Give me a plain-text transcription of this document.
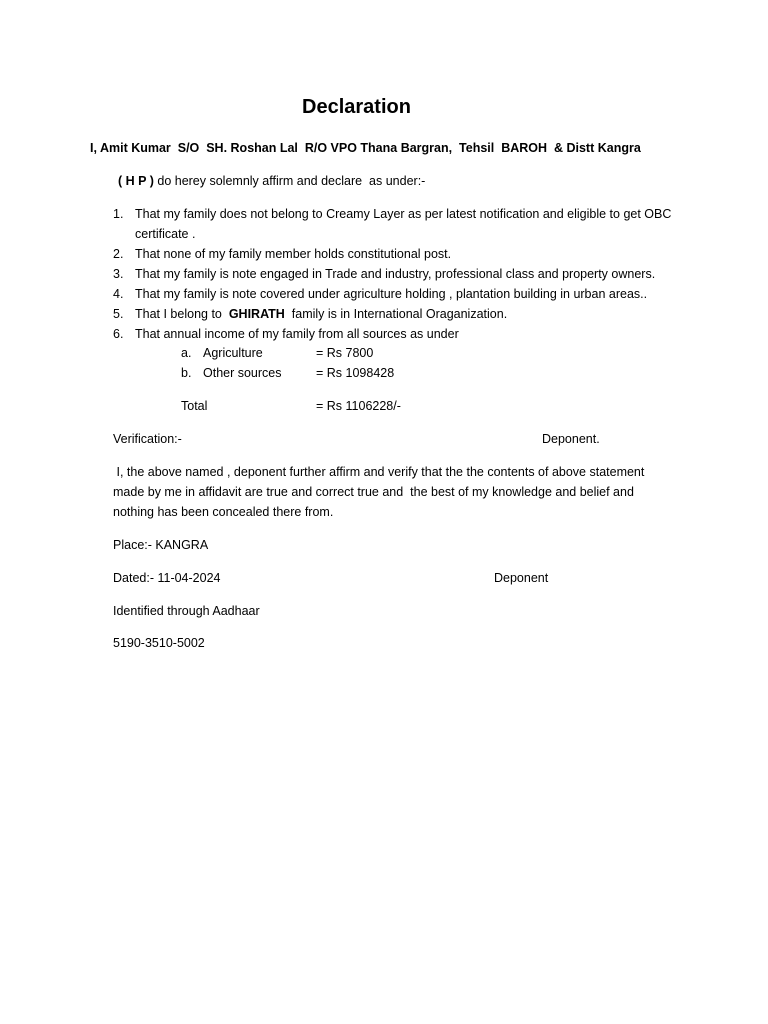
Declaration
I, Amit Kumar  S/O  SH. Roshan Lal  R/O VPO Thana Bargran,  Tehsil  BAROH  & Distt Kangra
( H P ) do herey solemnly affirm and declare  as under:-
1. That my family does not belong to Creamy Layer as per latest notification and eligible to get OBC certificate .
2. That none of my family member holds constitutional post.
3. That my family is note engaged in Trade and industry, professional class and property owners.
4. That my family is note covered under agriculture holding , plantation building in urban areas..
5. That I belong to  GHIRATH  family is in International Oraganization.
6. That annual income of my family from all sources as under
a. Agriculture	= Rs 7800
b. Other sources	= Rs 1098428
Total	= Rs 1106228/-
Verification:-	Deponent.
I, the above named , deponent further affirm and verify that the the contents of above statement made by me in affidavit are true and correct true and  the best of my knowledge and belief and nothing has been concealed there from.
Place:- KANGRA
Dated:- 11-04-2024	Deponent
Identified through Aadhaar
5190-3510-5002
